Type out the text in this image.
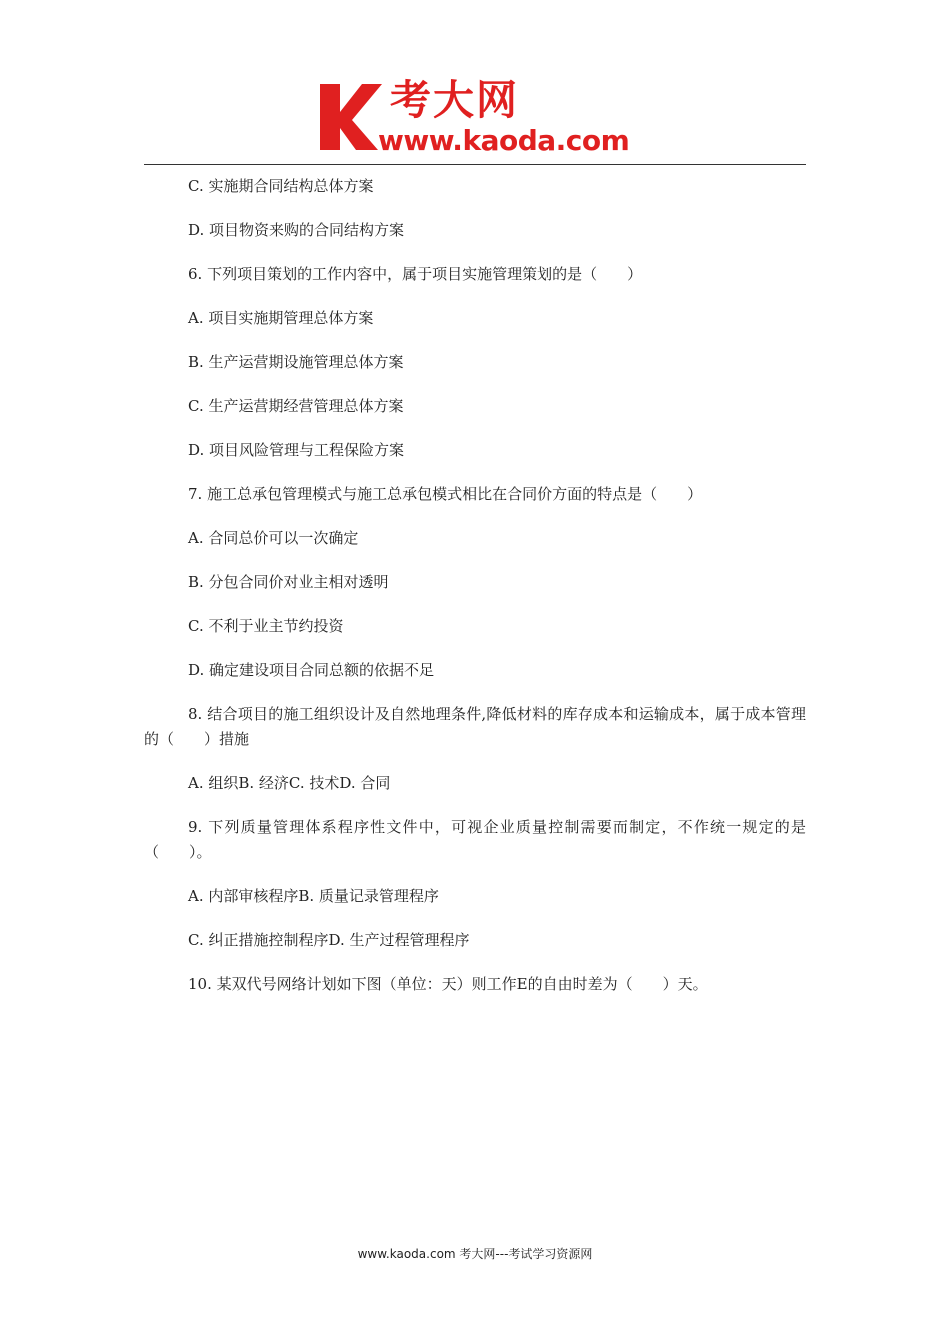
考大网
www.kaoda.com
C. 实施期合同结构总体方案
D. 项目物资来购的合同结构方案
6. 下列项目策划的工作内容中，属于项目实施管理策划的是（　　）
A. 项目实施期管理总体方案
B. 生产运营期设施管理总体方案
C. 生产运营期经营管理总体方案
D. 项目风险管理与工程保险方案
7. 施工总承包管理模式与施工总承包模式相比在合同价方面的特点是（　　）
A. 合同总价可以一次确定
B. 分包合同价对业主相对透明
C. 不利于业主节约投资
D. 确定建设项目合同总额的依据不足
8. 结合项目的施工组织设计及自然地理条件,降低材料的库存成本和运输成本，属于成本管理的（　　）措施
A. 组织B. 经济C. 技术D. 合同
9. 下列质量管理体系程序性文件中，可视企业质量控制需要而制定，不作统一规定的是（　　）。
A. 内部审核程序B. 质量记录管理程序
C. 纠正措施控制程序D. 生产过程管理程序
10. 某双代号网络计划如下图（单位：天）则工作E的自由时差为（　　）天。
www.kaoda.com 考大网---考试学习资源网
